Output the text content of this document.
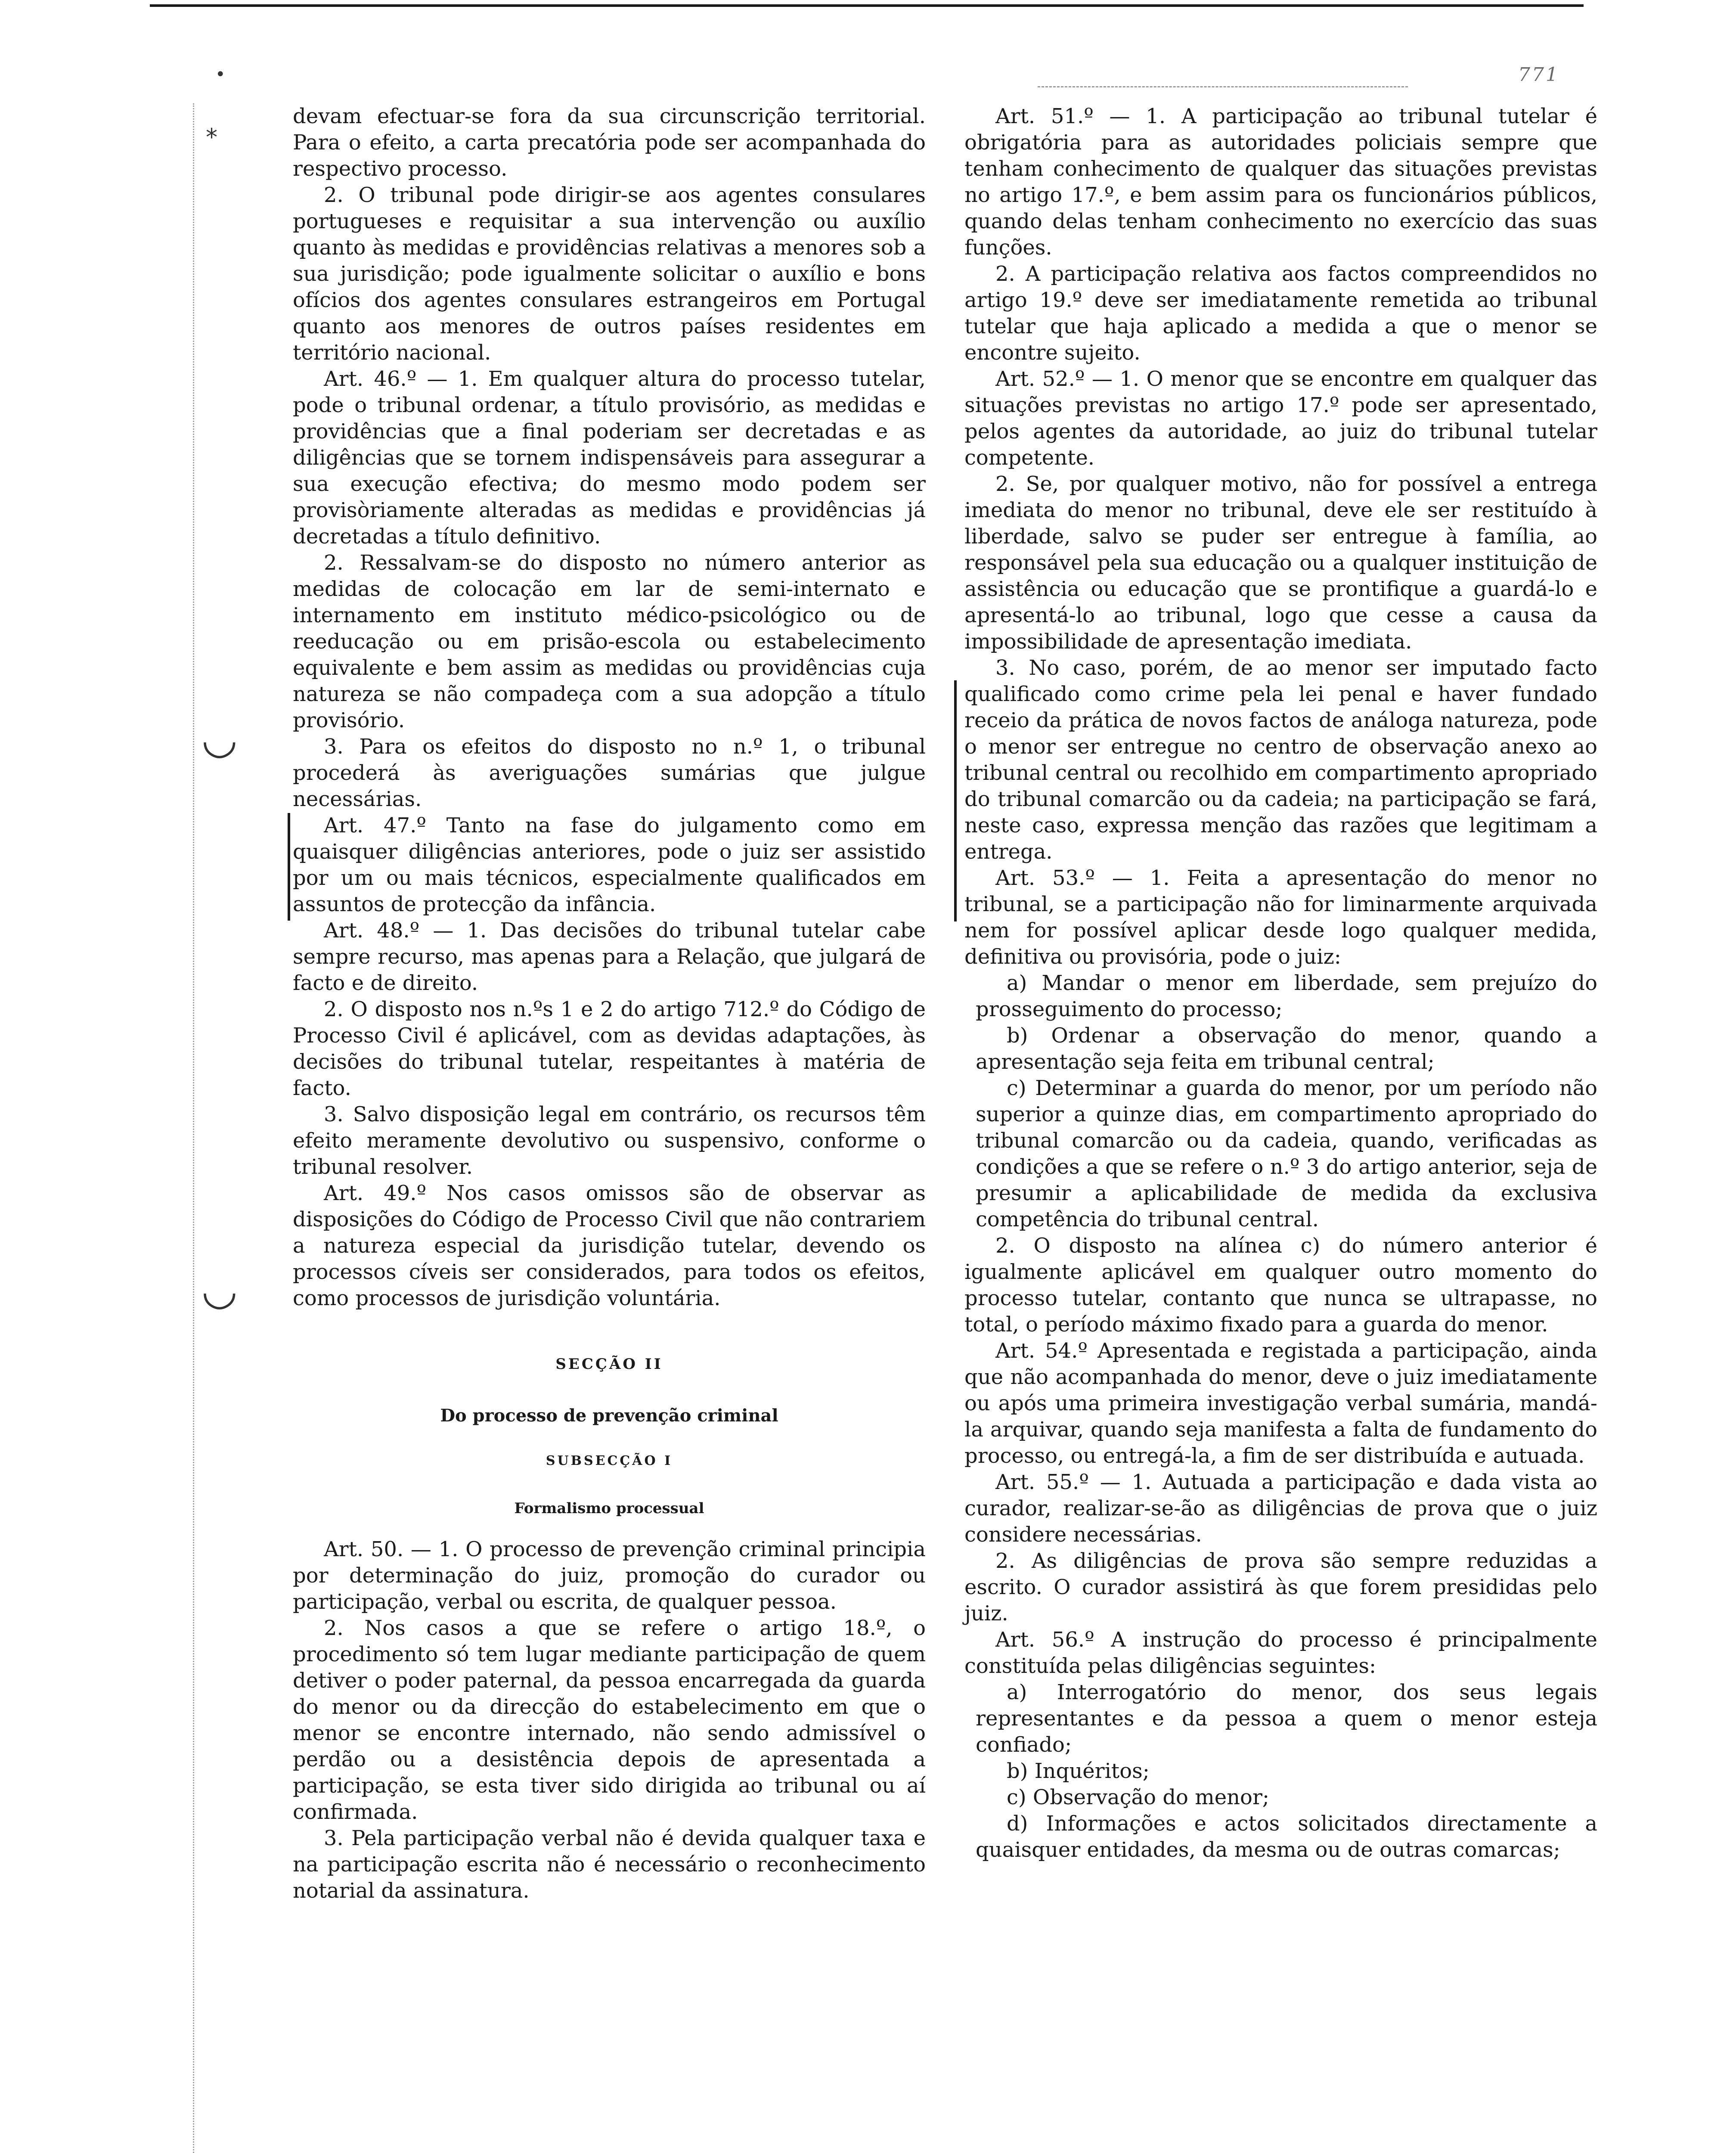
771
◡
◡
⁎
•

devam efectuar-se fora da sua circunscrição territorial. Para o efeito, a carta precatória pode ser acompanhada do respectivo processo.

2. O tribunal pode dirigir-se aos agentes consulares portugueses e requisitar a sua intervenção ou auxílio quanto às medidas e providências relativas a menores sob a sua jurisdição; pode igualmente solicitar o auxílio e bons ofícios dos agentes consulares estrangeiros em Portugal quanto aos menores de outros países residentes em território nacional.

Art. 46.º — 1. Em qualquer altura do processo tutelar, pode o tribunal ordenar, a título provisório, as medidas e providências que a final poderiam ser decretadas e as diligências que se tornem indispensáveis para assegurar a sua execução efectiva; do mesmo modo podem ser provisòriamente alteradas as medidas e providências já decretadas a título definitivo.

2. Ressalvam-se do disposto no número anterior as medidas de colocação em lar de semi-internato e internamento em instituto médico-psicológico ou de reeducação ou em prisão-escola ou estabelecimento equivalente e bem assim as medidas ou providências cuja natureza se não compadeça com a sua adopção a título provisório.

3. Para os efeitos do disposto no n.º 1, o tribunal procederá às averiguações sumárias que julgue necessárias.

Art. 47.º Tanto na fase do julgamento como em quaisquer diligências anteriores, pode o juiz ser assistido por um ou mais técnicos, especialmente qualificados em assuntos de protecção da infância.

Art. 48.º — 1. Das decisões do tribunal tutelar cabe sempre recurso, mas apenas para a Relação, que julgará de facto e de direito.

2. O disposto nos n.ºs 1 e 2 do artigo 712.º do Código de Processo Civil é aplicável, com as devidas adaptações, às decisões do tribunal tutelar, respeitantes à matéria de facto.

3. Salvo disposição legal em contrário, os recursos têm efeito meramente devolutivo ou suspensivo, conforme o tribunal resolver.

Art. 49.º Nos casos omissos são de observar as disposições do Código de Processo Civil que não contrariem a natureza especial da jurisdição tutelar, devendo os processos cíveis ser considerados, para todos os efeitos, como processos de jurisdição voluntária.

SECÇÃO II

Do processo de prevenção criminal

SUBSECÇÃO I

Formalismo processual

Art. 50. — 1. O processo de prevenção criminal principia por determinação do juiz, promoção do curador ou participação, verbal ou escrita, de qualquer pessoa.

2. Nos casos a que se refere o artigo 18.º, o procedimento só tem lugar mediante participação de quem detiver o poder paternal, da pessoa encarregada da guarda do menor ou da direcção do estabelecimento em que o menor se encontre internado, não sendo admissível o perdão ou a desistência depois de apresentada a participação, se esta tiver sido dirigida ao tribunal ou aí confirmada.

3. Pela participação verbal não é devida qualquer taxa e na participação escrita não é necessário o reconhecimento notarial da assinatura.

Art. 51.º — 1. A participação ao tribunal tutelar é obrigatória para as autoridades policiais sempre que tenham conhecimento de qualquer das situações previstas no artigo 17.º, e bem assim para os funcionários públicos, quando delas tenham conhecimento no exercício das suas funções.

2. A participação relativa aos factos compreendidos no artigo 19.º deve ser imediatamente remetida ao tribunal tutelar que haja aplicado a medida a que o menor se encontre sujeito.

Art. 52.º — 1. O menor que se encontre em qualquer das situações previstas no artigo 17.º pode ser apresentado, pelos agentes da autoridade, ao juiz do tribunal tutelar competente.

2. Se, por qualquer motivo, não for possível a entrega imediata do menor no tribunal, deve ele ser restituído à liberdade, salvo se puder ser entregue à família, ao responsável pela sua educação ou a qualquer instituição de assistência ou educação que se prontifique a guardá-lo e apresentá-lo ao tribunal, logo que cesse a causa da impossibilidade de apresentação imediata.

3. No caso, porém, de ao menor ser imputado facto qualificado como crime pela lei penal e haver fundado receio da prática de novos factos de análoga natureza, pode o menor ser entregue no centro de observação anexo ao tribunal central ou recolhido em compartimento apropriado do tribunal comarcão ou da cadeia; na participação se fará, neste caso, expressa menção das razões que legitimam a entrega.

Art. 53.º — 1. Feita a apresentação do menor no tribunal, se a participação não for liminarmente arquivada nem for possível aplicar desde logo qualquer medida, definitiva ou provisória, pode o juiz:

a) Mandar o menor em liberdade, sem prejuízo do prosseguimento do processo;

b) Ordenar a observação do menor, quando a apresentação seja feita em tribunal central;

c) Determinar a guarda do menor, por um período não superior a quinze dias, em compartimento apropriado do tribunal comarcão ou da cadeia, quando, verificadas as condições a que se refere o n.º 3 do artigo anterior, seja de presumir a aplicabilidade de medida da exclusiva competência do tribunal central.

2. O disposto na alínea c) do número anterior é igualmente aplicável em qualquer outro momento do processo tutelar, contanto que nunca se ultrapasse, no total, o período máximo fixado para a guarda do menor.

Art. 54.º Apresentada e registada a participação, ainda que não acompanhada do menor, deve o juiz imediatamente ou após uma primeira investigação verbal sumária, mandá-la arquivar, quando seja manifesta a falta de fundamento do processo, ou entregá-la, a fim de ser distribuída e autuada.

Art. 55.º — 1. Autuada a participação e dada vista ao curador, realizar-se-ão as diligências de prova que o juiz considere necessárias.

2. As diligências de prova são sempre reduzidas a escrito. O curador assistirá às que forem presididas pelo juiz.

Art. 56.º A instrução do processo é principalmente constituída pelas diligências seguintes:

a) Interrogatório do menor, dos seus legais representantes e da pessoa a quem o menor esteja confiado;

b) Inquéritos;

c) Observação do menor;

d) Informações e actos solicitados directamente a quaisquer entidades, da mesma ou de outras comarcas;
